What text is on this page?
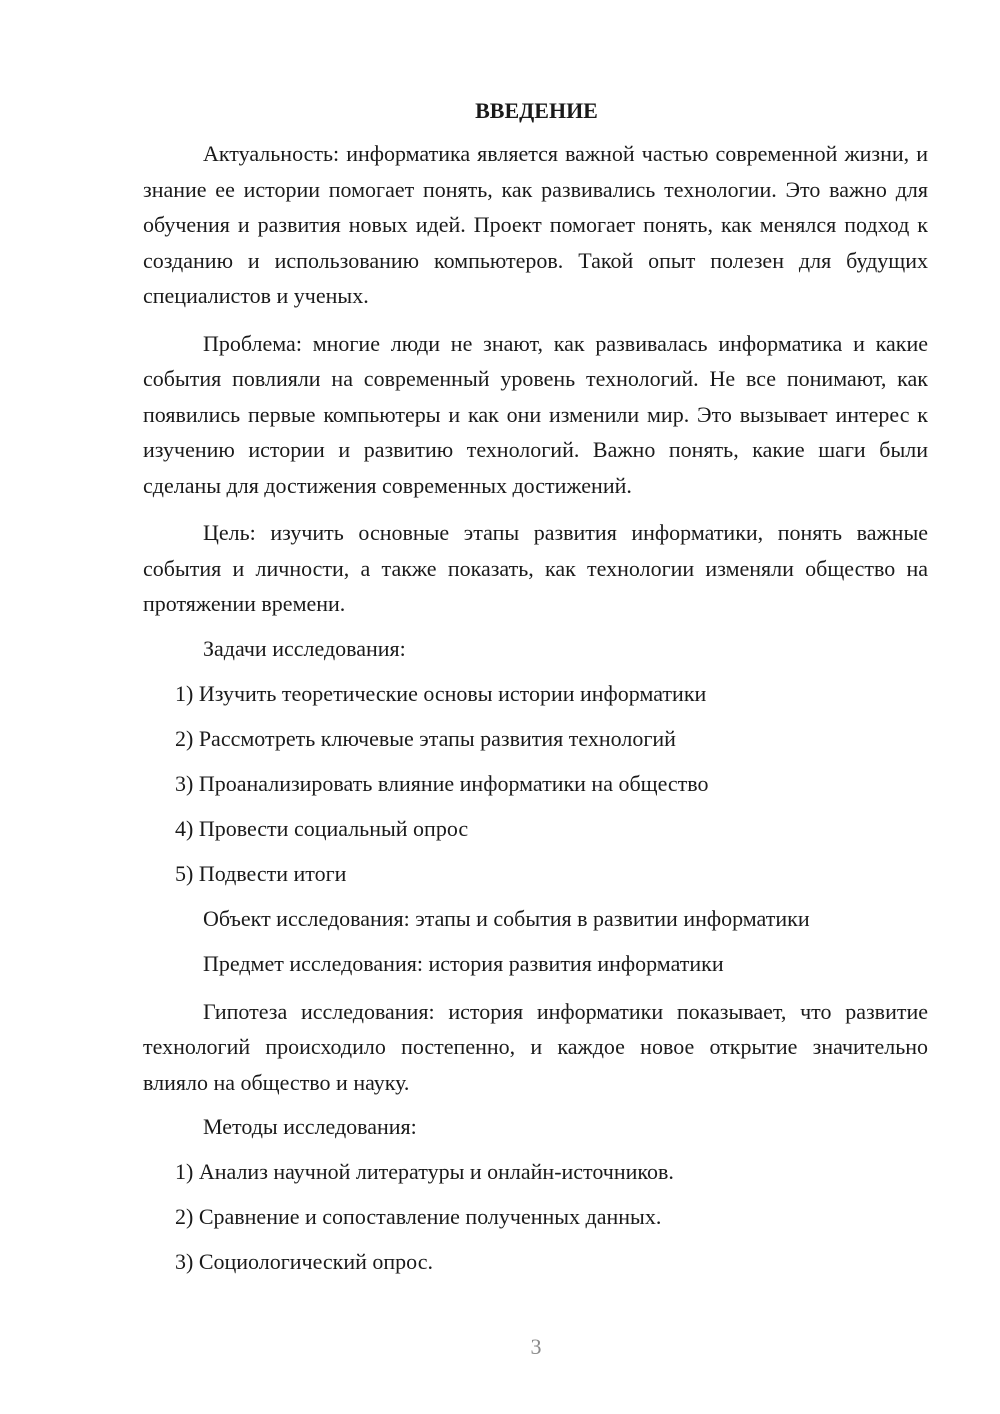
ВВЕДЕНИЕ

Актуальность: информатика является важной частью современной жизни, и знание ее истории помогает понять, как развивались технологии. Это важно для обучения и развития новых идей. Проект помогает понять, как менялся подход к созданию и использованию компьютеров. Такой опыт полезен для будущих специалистов и ученых.

Проблема: многие люди не знают, как развивалась информатика и какие события повлияли на современный уровень технологий. Не все понимают, как появились первые компьютеры и как они изменили мир. Это вызывает интерес к изучению истории и развитию технологий. Важно понять, какие шаги были сделаны для достижения современных достижений.

Цель: изучить основные этапы развития информатики, понять важные события и личности, а также показать, как технологии изменяли общество на протяжении времени.

Задачи исследования:
1) Изучить теоретические основы истории информатики
2) Рассмотреть ключевые этапы развития технологий
3) Проанализировать влияние информатики на общество
4) Провести социальный опрос
5) Подвести итоги
Объект исследования: этапы и события в развитии информатики
Предмет исследования: история развития информатики

Гипотеза исследования: история информатики показывает, что развитие технологий происходило постепенно, и каждое новое открытие значительно влияло на общество и науку.

Методы исследования:
1) Анализ научной литературы и онлайн-источников.
2) Сравнение и сопоставление полученных данных.
3) Социологический опрос.
3
